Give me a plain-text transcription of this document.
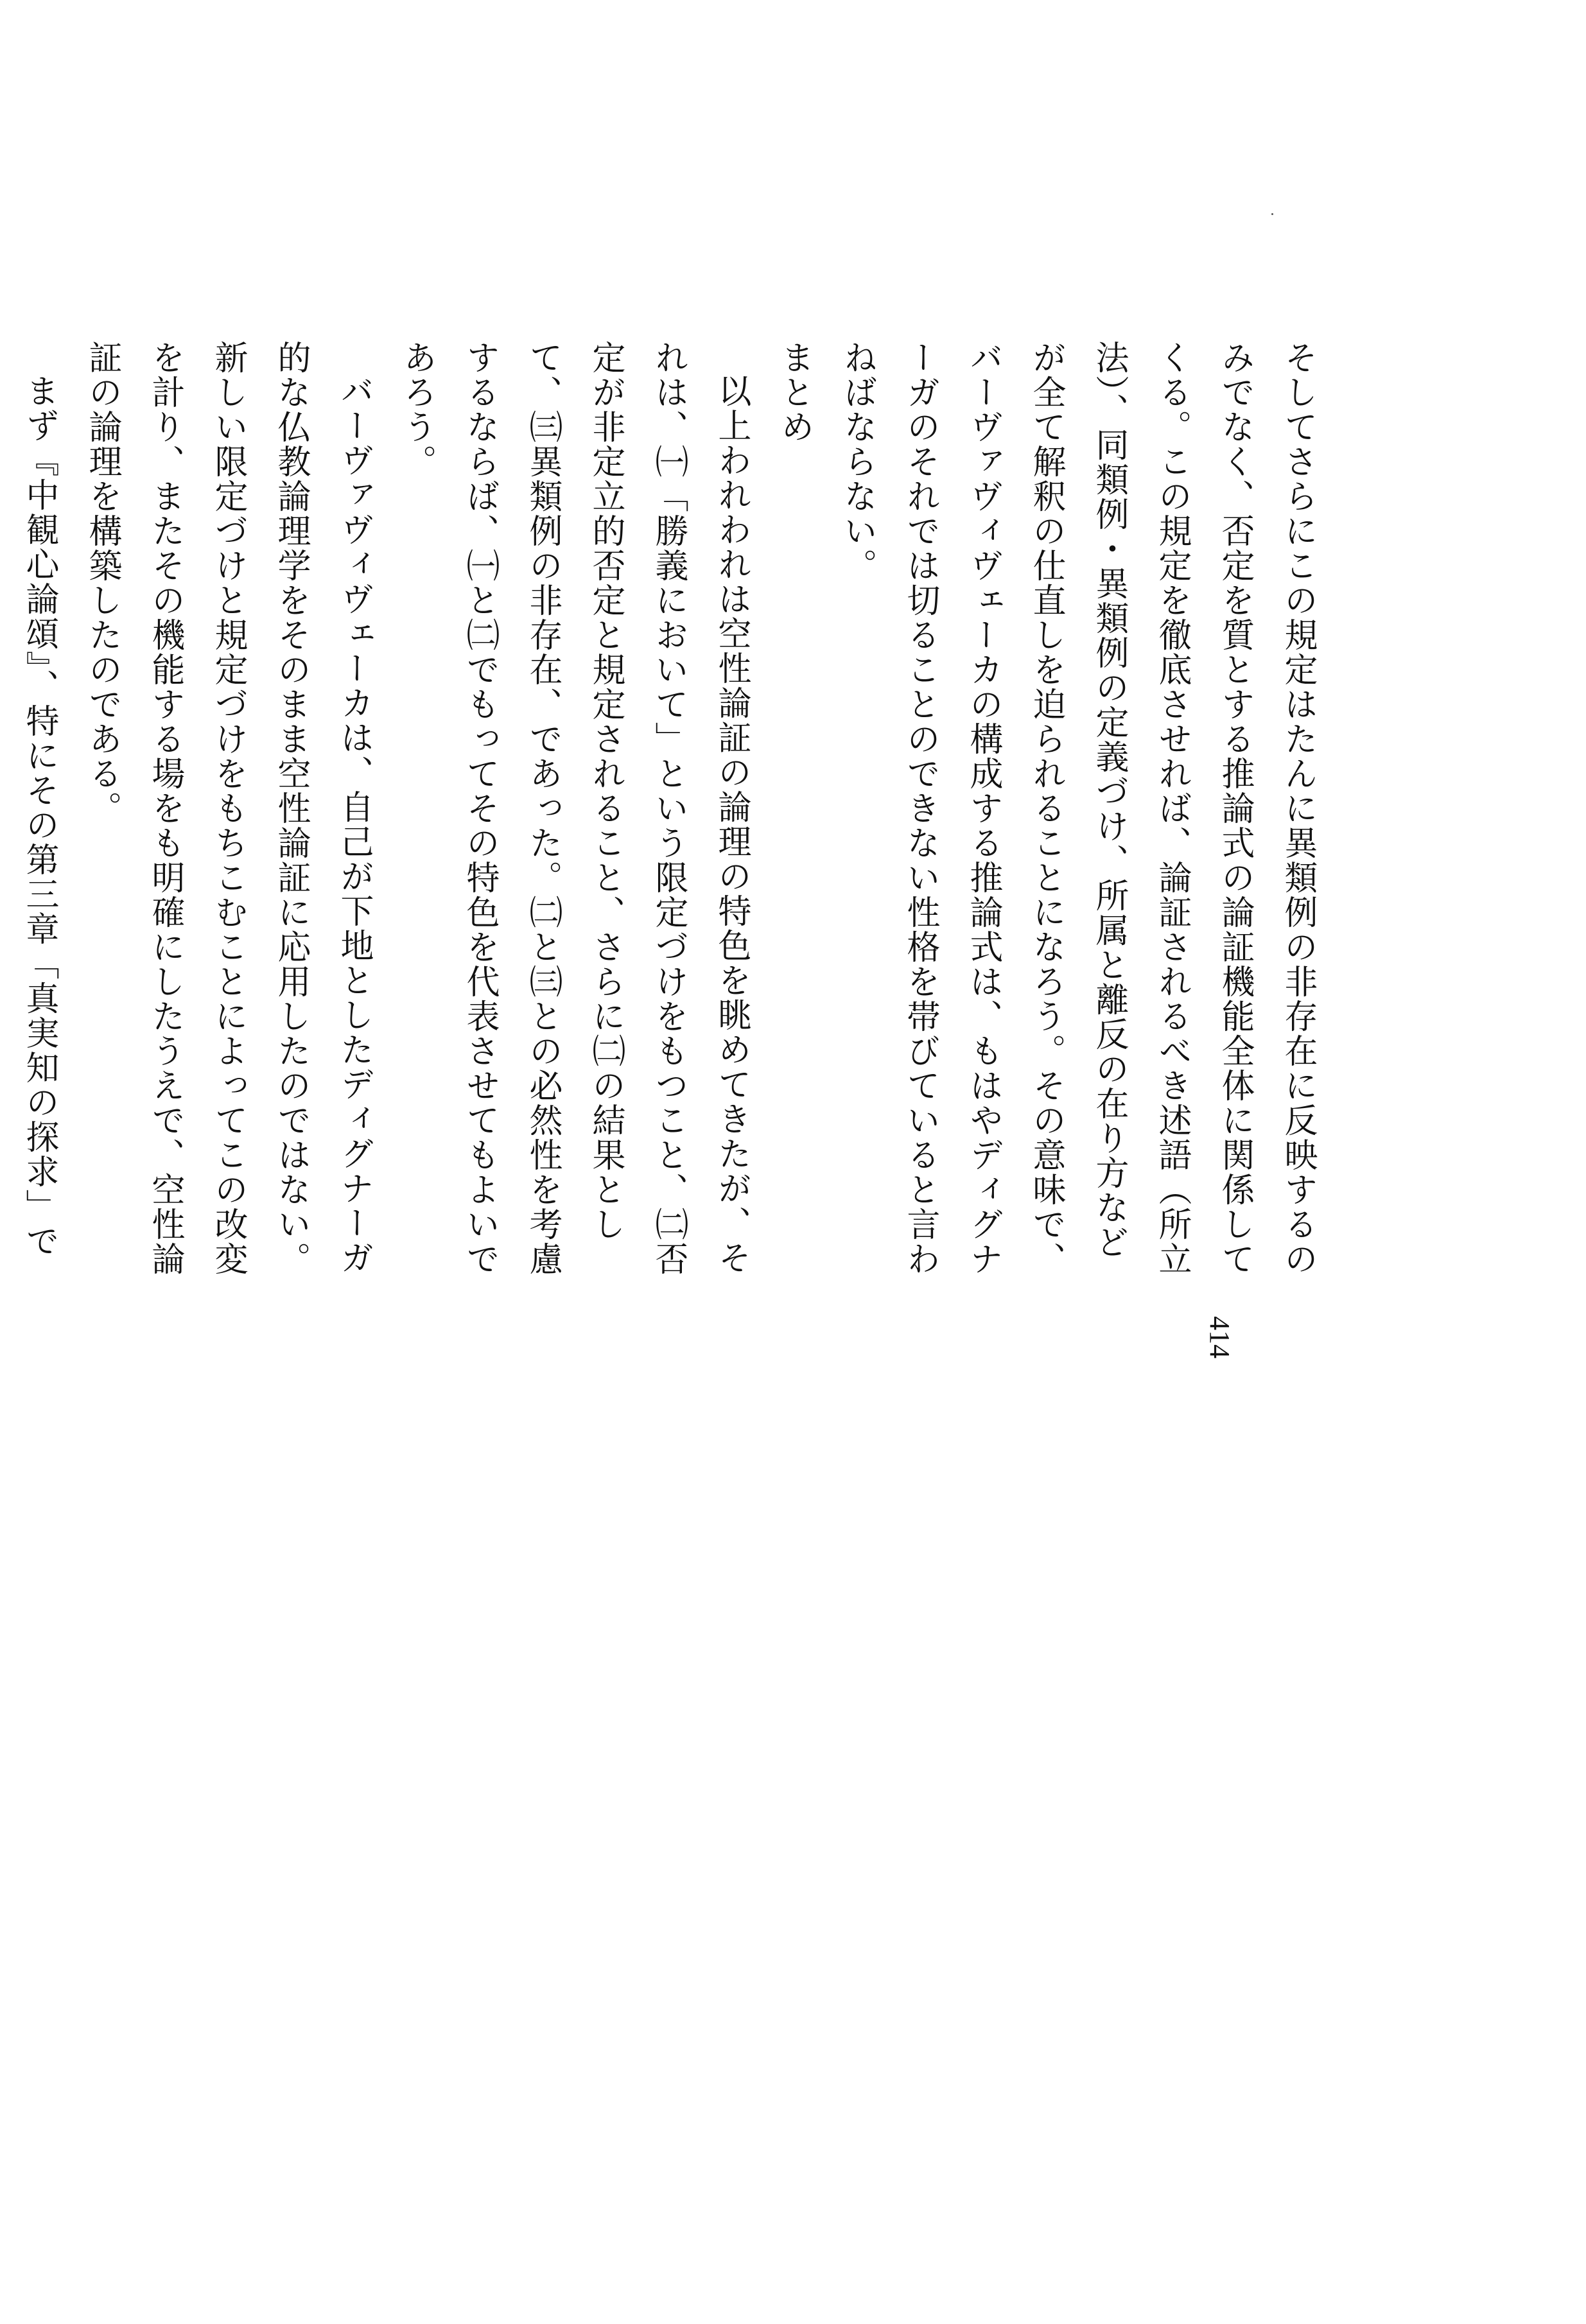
そしてさらにこの規定はたんに異類例の非存在に反映するのみでなく、否定を質とする推論式の論証機能全体に関係してくる。この規定を徹底させれば、論証されるべき述語（所立法）、同類例・異類例の定義づけ、所属と離反の在り方などが全て解釈の仕直しを迫られることになろう。その意味で、バーヴァヴィヴェーカの構成する推論式は、もはやディグナーガのそれでは切ることのできない性格を帯びていると言わねばならない。

まとめ

以上われわれは空性論証の論理の特色を眺めてきたが、それは、㈠「勝義において」という限定づけをもつこと、㈡否定が非定立的否定と規定されること、さらに㈡の結果として、㈢異類例の非存在、であった。㈡と㈢との必然性を考慮するならば、㈠と㈡でもってその特色を代表させてもよいであろう。

バーヴァヴィヴェーカは、自己が下地としたディグナーガ的な仏教論理学をそのまま空性論証に応用したのではない。新しい限定づけと規定づけをもちこむことによってこの改変を計り、またその機能する場をも明確にしたうえで、空性論証の論理を構築したのである。

まず『中観心論頌』、特にその第三章「真実知の探求」で

414
